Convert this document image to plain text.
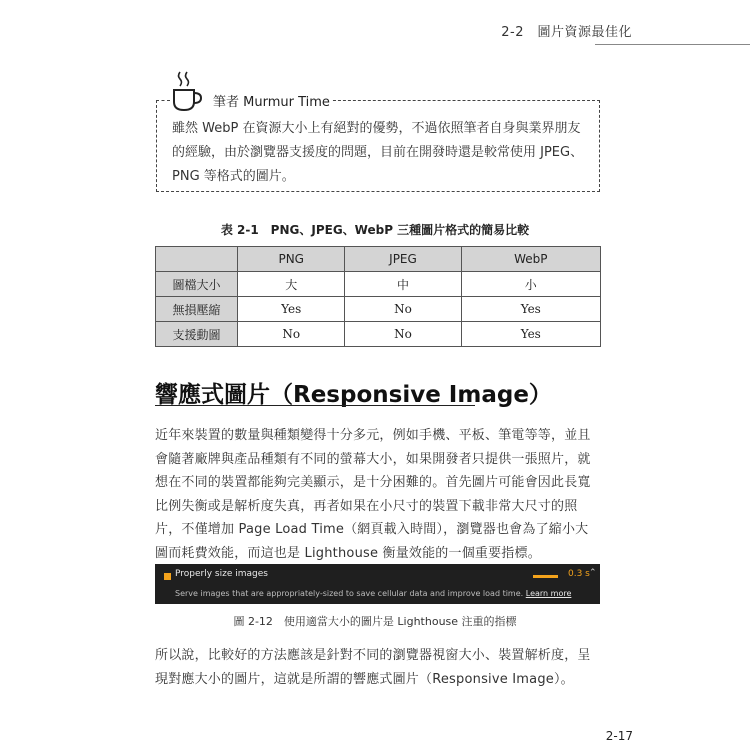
2-2　圖片資源最佳化
筆者 Murmur Time
雖然 WebP 在資源大小上有絕對的優勢，不過依照筆者自身與業界朋友的經驗，由於瀏覽器支援度的問題，目前在開發時還是較常使用 JPEG、PNG 等格式的圖片。
表 2-1　PNG、JPEG、WebP 三種圖片格式的簡易比較
	PNG	JPEG	WebP
圖檔大小	大	中	小
無損壓縮	Yes	No	Yes
支援動圖	No	No	Yes
響應式圖片（Responsive Image）
近年來裝置的數量與種類變得十分多元，例如手機、平板、筆電等等，並且會隨著廠牌與產品種類有不同的螢幕大小，如果開發者只提供一張照片，就想在不同的裝置都能夠完美顯示，是十分困難的。首先圖片可能會因此長寬比例失衡或是解析度失真，再者如果在小尺寸的裝置下載非常大尺寸的照片，不僅增加 Page Load Time（網頁載入時間），瀏覽器也會為了縮小大圖而耗費效能，而這也是 Lighthouse 衡量效能的一個重要指標。
Properly size images	0.3 s ⌃
Serve images that are appropriately-sized to save cellular data and improve load time. Learn more
圖 2-12　使用適當大小的圖片是 Lighthouse 注重的指標
所以說，比較好的方法應該是針對不同的瀏覽器視窗大小、裝置解析度，呈現對應大小的圖片，這就是所謂的響應式圖片（Responsive Image）。
2-17
